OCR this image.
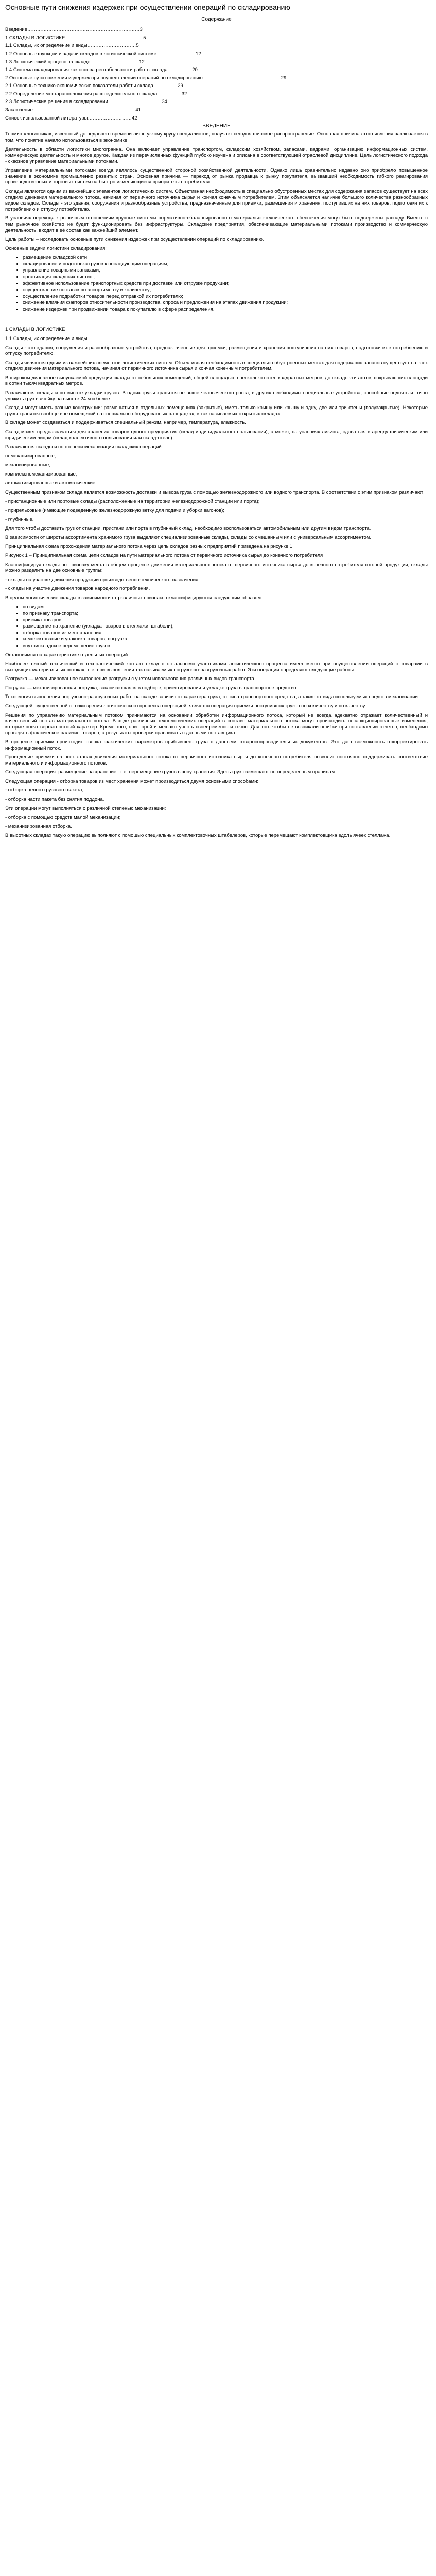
Основные пути снижения издержек при осуществлении операций по складированию
Содержание
Введение……………………………………………………………3
1 СКЛАДЫ В ЛОГИСТИКЕ…………………………………………5
1.1 Склады, их определение и виды…………………………5
1.2 Основные функции и задачи складов в логистической системе……………………12
1.3 Логистический процесс на складе…………………………12
1.4 Система складирования как основа рентабельности работы склада……………20
2 Основные пути снижения издержек при осуществлении операций по складированию…………………………………………29
2.1 Основные технико-экономические показатели работы склада……………29
2.2 Определение местарасположения распределительного склада……………32
2.3 Логистические решения в складировании……………………………34
Заключение………………………………………………………41
Список использованной литературы………………………42
ВВЕДЕНИЕ

Термин «логистика», известный до недавнего времени лишь узкому кругу специалистов, получает сегодня широкое распространение. Основная причина этого явления заключается в том, что понятие начало использоваться в экономике.

Деятельность в области логистики многогранна. Она включает управление транспортом, складским хозяйством, запасами, кадрами, организацию информационных систем, коммерческую деятельность и многое другое. Каждая из перечисленных функций глубоко изучена и описана в соответствующей отраслевой дисциплине. Цель логистического подхода - сквозное управление материальными потоками.

Управление материальными потоками всегда являлось существенной стороной хозяйственной деятельности. Однако лишь сравнительно недавно оно приобрело повышенное значение в экономике промышленно развитых стран. Основная причина — переход от рынка продавца к рынку покупателя, вызвавший необходимость гибкого реагирования производственных и торговых систем на быстро изменяющиеся приоритеты потребителя.

Склады являются одним из важнейших элементов логистических систем. Объективная необходимость в специально обустроенных местах для содержания запасов существует на всех стадиях движения материального потока, начиная от первичного источника сырья и кончая конечным потребителем. Этим объясняется наличие большого количества разнообразных видов складов. Склады - это здания, сооружения и разнообразные устройства, предназначенные для приемки, размещения и хранения, поступивших на них товаров, подготовки их к потреблению и отпуску потребителю.

В условиях перехода к рыночным отношениям крупные системы нормативно-сбалансированного материально-технического обеспечения могут быть подвержены распаду. Вместе с тем рыночное хозяйство не будет функционировать без инфраструктуры. Складские предприятия, обеспечивающие материальными потоками производство и коммерческую деятельность, входят в её состав как важнейший элемент.

Цель работы – исследовать основные пути снижения издержек при осуществлении операций по складированию.

Основные задачи логистики складирования:

• размещение складской сети;
• складирование и подготовка грузов к последующим операциям;
• управление товарными запасами;
• организация складских листинг;
• эффективное использование транспортных средств при доставке или отгрузке продукции;
• осуществление поставок по ассортименту и количеству;
• осуществление подработки товаров перед отправкой их потребителю;
• снижение влияния факторов относительности производства, спроса и предложения на этапах движения продукции;
• снижение издержек при продвижении товара к покупателю в сфере распределения.
1 СКЛАДЫ В ЛОГИСТИКЕ
1.1 Склады, их определение и виды

Склады - это здания, сооружения и разнообразные устройства, предназначенные для приемки, размещения и хранения поступивших на них товаров, подготовки их к потреблению и отпуску потребителю.

Склады являются одним из важнейших элементов логистических систем. Объективная необходимость в специально обустроенных местах для содержания запасов существует на всех стадиях движения материального потока, начиная от первичного источника сырья и кончая конечным потребителем.

В широком диапазоне выпускаемой продукции склады от небольших помещений, общей площадью в несколько сотен квадратных метров, до складов-гигантов, покрывающих площади в сотни тысяч квадратных метров.

Различаются склады и по высоте укладки грузов. В одних грузы хранятся не выше человеческого роста, в других необходимы специальные устройства, способные поднять и точно уложить груз в ячейку на высоте 24 м и более.

Склады могут иметь разные конструкции: размещаться в отдельных помещениях (закрытые), иметь только крышу или крышу и одну, две или три стены (полузакрытые). Некоторые грузы хранятся вообще вне помещений на специально оборудованных площадках, в так называемых открытых складах.

В складе может создаваться и поддерживаться специальный режим, например, температура, влажность.

Склад может предназначаться для хранения товаров одного предприятия (склад индивидуального пользования), а может, на условиях лизинга, сдаваться в аренду физическим или юридическим лицам (склад коллективного пользования или склад-отель).

Различаются склады и по степени механизации складских операций:

немеханизированные,
механизированные,
комплексномеханизированные,
автоматизированные и автоматические.

Существенным признаком склада является возможность доставки и вывоза груза с помощью железнодорожного или водного транспорта. В соответствии с этим признаком различают:

- пристанционные или портовые склады (расположенные на территории железнодорожной станции или порта);

- прирельсовые (имеющие подведенную железнодорожную ветку для подачи и уборки вагонов);

- глубинные.

Для того чтобы доставить груз от станции, пристани или порта в глубинный склад, необходимо воспользоваться автомобильным или другим видом транспорта.

В зависимости от широты ассортимента хранимого груза выделяют специализированные склады, склады со смешанным или с универсальным ассортиментом.

Принципиальная схема прохождения материального потока через цепь складов разных предприятий приведена на рисунке 1.

Рисунок 1 – Принципиальная схема цепи складов на пути материального потока от первичного источника сырья до конечного потребителя

Классифицируя склады по признаку места в общем процессе движения материального потока от первичного источника сырья до конечного потребителя готовой продукции, склады можно разделить на две основные группы:

- склады на участке движения продукции производственно-технического назначения;

- склады на участке движения товаров народного потребления.

В целом логистические склады в зависимости от различных признаков классифицируются следующим образом:

• по видам:
• по признаку транспорта;
• приемка товаров;
• размещение на хранение (укладка товаров в стеллажи, штабели);
• отборка товаров из мест хранения;
• комплектование и упаковка товаров; погрузка;
• внутрискладское перемещение грузов.

Остановимся на характеристике отдельных операций.

Наиболее тесный технический и технологический контакт склад с остальными участниками логистического процесса имеет место при осуществлении операций с товарами в выходящих материальных потоках, т. е. при выполнении так называемых погрузочно-разгрузочных работ. Эти операции определяют следующие работы:

Разгрузка — механизированное выполнение разгрузки с учетом использования различных видов транспорта.

Погрузка — механизированная погрузка, заключающаяся в подборе, ориентировании и укладке груза в транспортное средство.

Технология выполнения погрузочно-разгрузочных работ на складе зависит от характера груза, от типа транспортного средства, а также от вида используемых средств механизации.

Следующей, существенной с точки зрения логистического процесса операцией, является операция приемки поступивших грузов по количеству и по качеству.

Решения по управлению материальным потоком принимаются на основании обработки информационного потока, который не всегда адекватно отражает количественный и качественный состав материального потока. В ходе различных технологических операций в составе материального потока могут происходить несанкционированные изменения, которые носят вероятностный характер. Кроме того, они порой и мешают учесть своевременно и точно. Для того чтобы не возникали ошибки при составлении отчетов, необходимо проверять фактическое наличие товаров, а результаты проверки сравнивать с данными поставщика.

В процессе приемки происходит сверка фактических параметров прибывшего груза с данными товаросопроводительных документов. Это дает возможность откорректировать информационный поток.

Проведение приемки на всех этапах движения материального потока от первичного источника сырья до конечного потребителя позволит постоянно поддерживать соответствие материального и информационного потоков.

Следующая операция: размещение на хранение, т. е. перемещение грузов в зону хранения. Здесь груз размещают по определенным правилам.

Следующая операция - отборка товаров из мест хранения может производиться двумя основными способами:

- отборка целого грузового пакета;

- отборка части пакета без снятия поддона.

Эти операции могут выполняться с различной степенью механизации:

- отборка с помощью средств малой механизации;

- механизированная отборка.

В высотных складах такую операцию выполняют с помощью специальных комплектовочных штабелеров, которые перемещают комплектовщика вдоль ячеек стеллажа.
